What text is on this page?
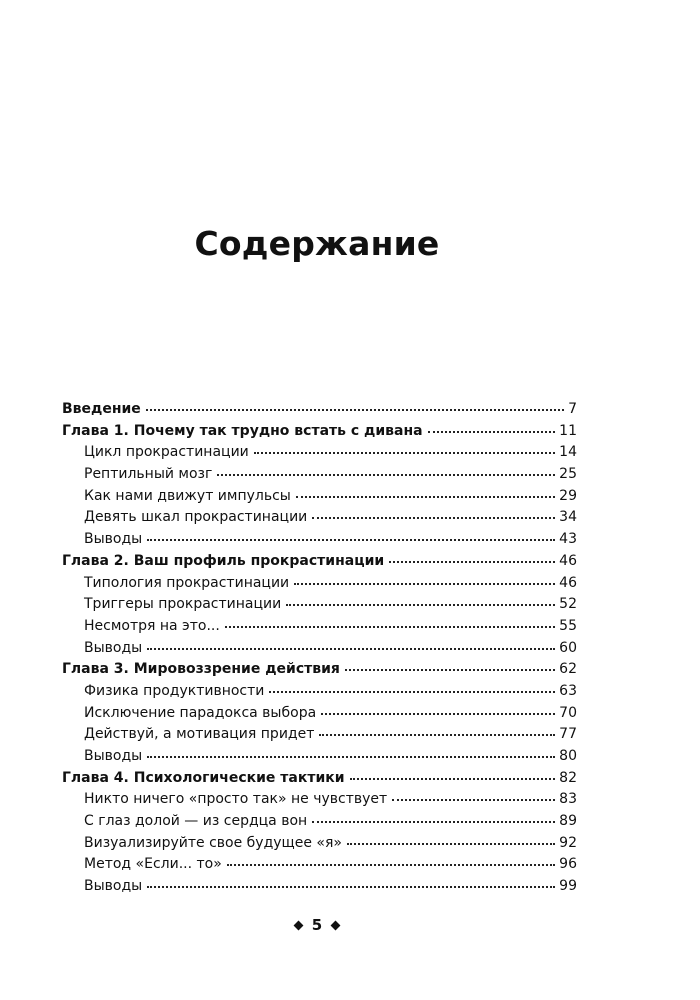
Содержание
Введение	7
Глава 1. Почему так трудно встать с дивана	11
Цикл прокрастинации	14
Рептильный мозг	25
Как нами движут импульсы	29
Девять шкал прокрастинации	34
Выводы	43
Глава 2. Ваш профиль прокрастинации	46
Типология прокрастинации	46
Триггеры прокрастинации	52
Несмотря на это...	55
Выводы	60
Глава 3. Мировоззрение действия	62
Физика продуктивности	63
Исключение парадокса выбора	70
Действуй, а мотивация придет	77
Выводы	80
Глава 4. Психологические тактики	82
Никто ничего «просто так» не чувствует	83
С глаз долой — из сердца вон	89
Визуализируйте свое будущее «я»	92
Метод «Если... то»	96
Выводы	99
5
